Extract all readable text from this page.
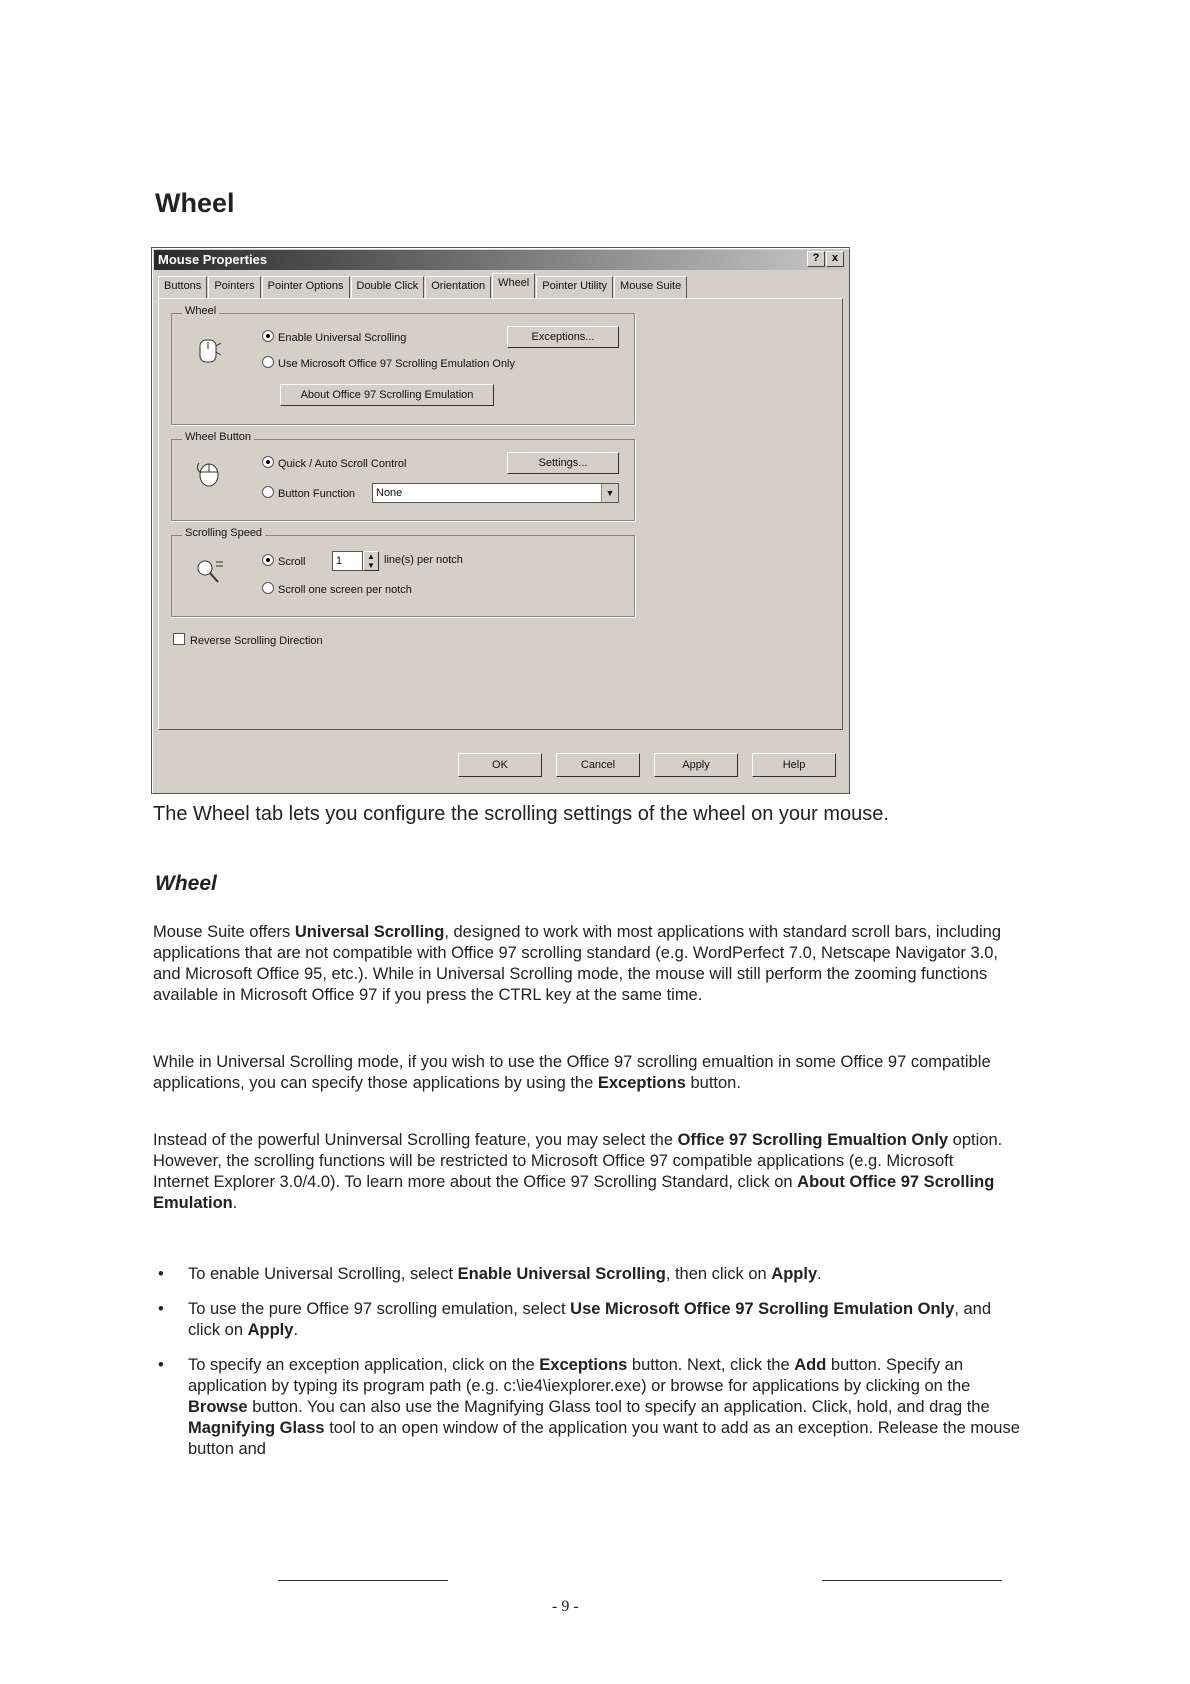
Wheel
Mouse Properties	?	x
Buttons	Pointers	Pointer Options	Double Click	Orientation	Wheel	Pointer Utility	Mouse Suite
Wheel
Enable Universal Scrolling	Exceptions...
Use Microsoft Office 97 Scrolling Emulation Only
About Office 97 Scrolling Emulation
Wheel Button
Quick / Auto Scroll Control	Settings...
Button Function	None	▼
Scrolling Speed
Scroll	1	▲
▼ line(s) per notch
Scroll one screen per notch
Reverse Scrolling Direction
OK	Cancel	Apply	Help

The Wheel tab lets you configure the scrolling settings of the wheel on your mouse.

Wheel

Mouse Suite offers Universal Scrolling, designed to work with most applications with standard scroll bars, including applications that are not compatible with Office 97 scrolling standard (e.g. WordPerfect 7.0, Netscape Navigator 3.0, and Microsoft Office 95, etc.). While in Universal Scrolling mode, the mouse will still perform the zooming functions available in Microsoft Office 97 if you press the CTRL key at the same time.

While in Universal Scrolling mode, if you wish to use the Office 97 scrolling emualtion in some Office 97 compatible applications, you can specify those applications by using the Exceptions button.

Instead of the powerful Uninversal Scrolling feature, you may select the Office 97 Scrolling Emualtion Only option. However, the scrolling functions will be restricted to Microsoft Office 97 compatible applications (e.g. Microsoft Internet Explorer 3.0/4.0). To learn more about the Office 97 Scrolling Standard, click on About Office 97 Scrolling Emulation.

• To enable Universal Scrolling, select Enable Universal Scrolling, then click on Apply.
• To use the pure Office 97 scrolling emulation, select Use Microsoft Office 97 Scrolling Emulation Only, and click on Apply.
• To specify an exception application, click on the Exceptions button. Next, click the Add button. Specify an application by typing its program path (e.g. c:\ie4\iexplorer.exe) or browse for applications by clicking on the Browse button. You can also use the Magnifying Glass tool to specify an application. Click, hold, and drag the Magnifying Glass tool to an open window of the application you want to add as an exception. Release the mouse button and
- 9 -
